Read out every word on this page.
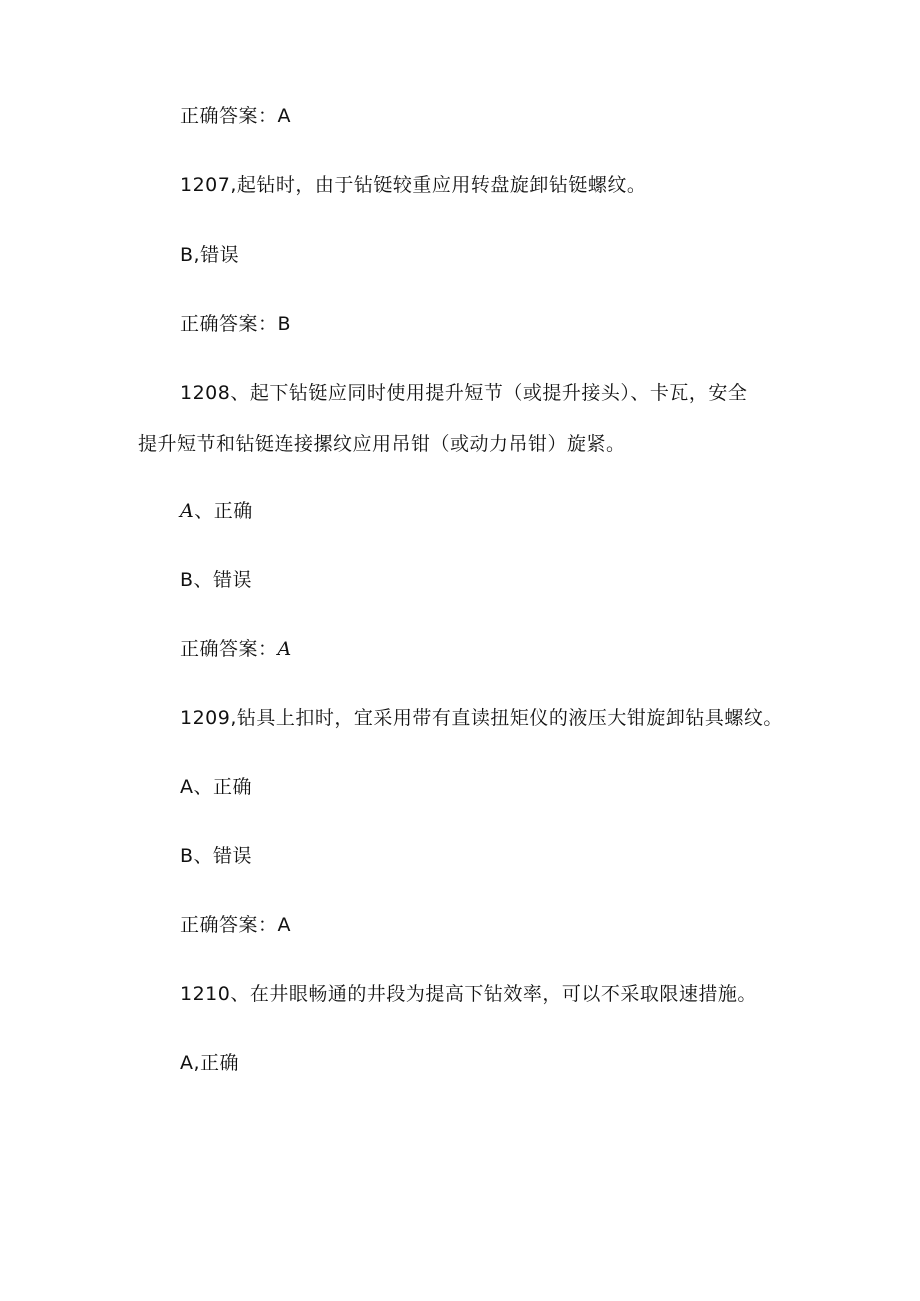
正确答案：A
1207,起钻时，由于钻铤较重应用转盘旋卸钻铤螺纹。
B,错误
正确答案：B
1208、起下钻铤应同时使用提升短节（或提升接头）、卡瓦，安全
提升短节和钻铤连接摞纹应用吊钳（或动力吊钳）旋紧。
A、正确
B、错误
正确答案：A
1209,钻具上扣时，宜采用带有直读扭矩仪的液压大钳旋卸钻具螺纹。
A、正确
B、错误
正确答案：A
1210、在井眼畅通的井段为提高下钻效率，可以不采取限速措施。
A,正确
